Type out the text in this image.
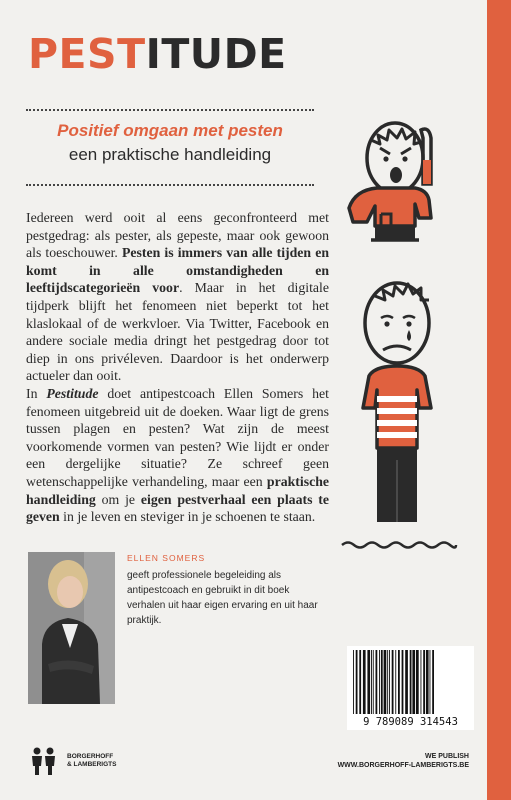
PESTITUDE
Positief omgaan met pesten
een praktische handleiding

Iedereen werd ooit al eens geconfronteerd met pestgedrag: als pester, als gepeste, maar ook gewoon als toeschouwer. Pesten is immers van alle tijden en komt in alle omstandigheden en leeftijdscategorieën voor. Maar in het digitale tijdperk blijft het fenomeen niet beperkt tot het klaslokaal of de werkvloer. Via Twitter, Facebook en andere sociale media dringt het pestgedrag door tot diep in ons privéleven. Daardoor is het onderwerp actueler dan ooit.

In Pestitude doet antipestcoach Ellen Somers het fenomeen uitgebreid uit de doeken. Waar ligt de grens tussen plagen en pesten? Wat zijn de meest voorkomende vormen van pesten? Wie lijdt er onder een dergelijke situatie? Ze schreef geen wetenschappelijke verhandeling, maar een praktische handleiding om je eigen pestverhaal een plaats te geven in je leven en steviger in je schoenen te staan.

ELLEN SOMERS
geeft professionele begeleiding als antipestcoach en gebruikt in dit boek verhalen uit haar eigen ervaring en uit haar praktijk.
9 789089 314543
BORGERHOFF
& LAMBERIGTS
WE PUBLISH
WWW.BORGERHOFF-LAMBERIGTS.BE
